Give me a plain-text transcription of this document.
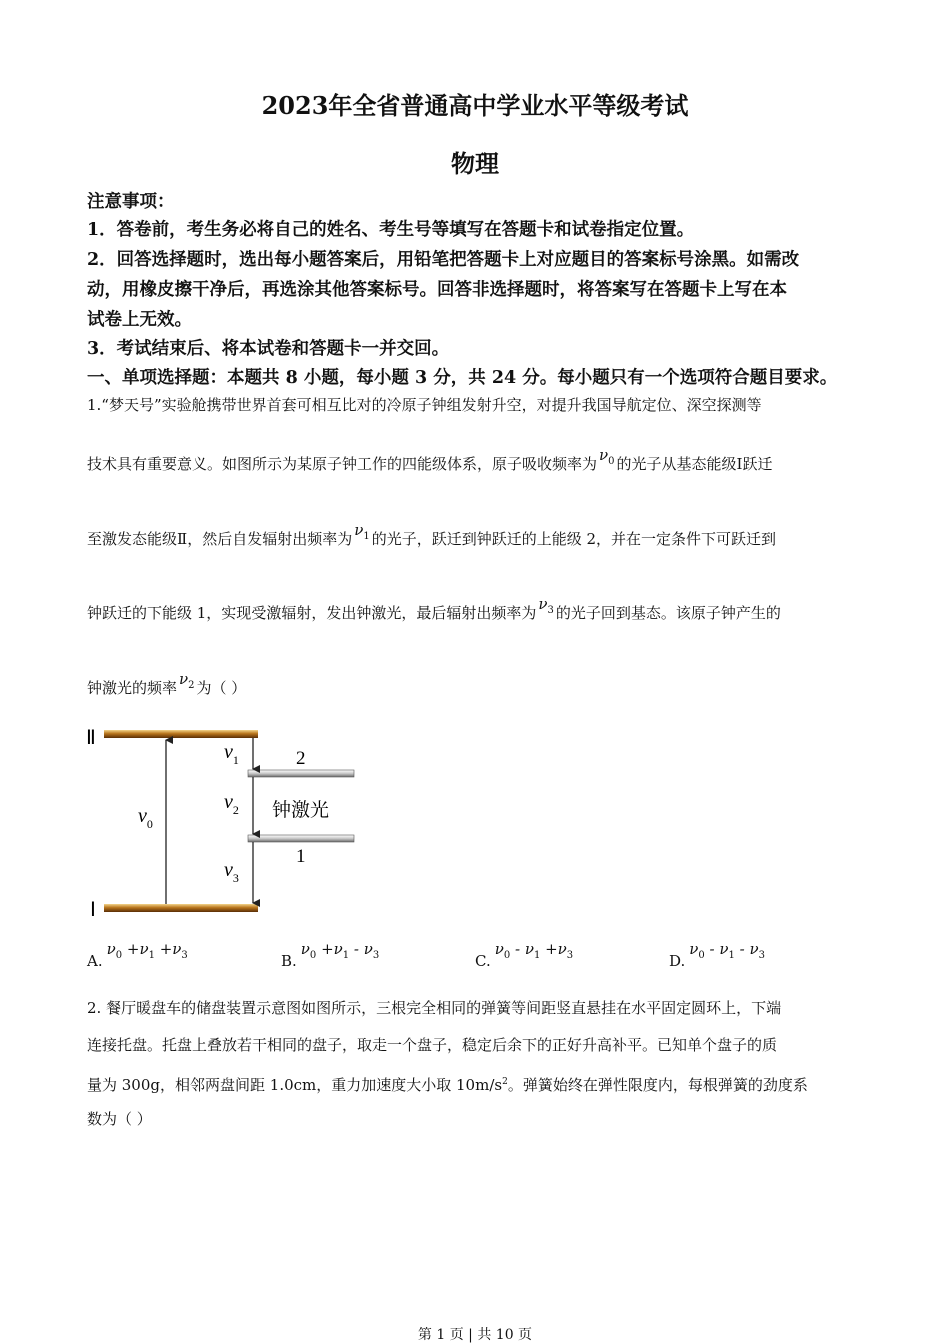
2023年全省普通高中学业水平等级考试
物理
注意事项：
1．答卷前，考生务必将自己的姓名、考生号等填写在答题卡和试卷指定位置。
2．回答选择题时，选出每小题答案后，用铅笔把答题卡上对应题目的答案标号涂黑。如需改
动，用橡皮擦干净后，再选涂其他答案标号。回答非选择题时，将答案写在答题卡上写在本
试卷上无效。
3．考试结束后、将本试卷和答题卡一并交回。
一、单项选择题：本题共 8 小题，每小题 3 分，共 24 分。每小题只有一个选项符合题目要求。
1.“梦天号”实验舱携带世界首套可相互比对的冷原子钟组发射升空，对提升我国导航定位、深空探测等
技术具有重要意义。如图所示为某原子钟工作的四能级体系，原子吸收频率为 $\nu_0$ 的光子从基态能级Ⅰ跃迁
至激发态能级Ⅱ，然后自发辐射出频率为 $\nu_1$ 的光子，跃迁到钟跃迁的上能级 2，并在一定条件下可跃迁到
钟跃迁的下能级 1，实现受激辐射，发出钟激光，最后辐射出频率为 $\nu_3$ 的光子回到基态。该原子钟产生的
钟激光的频率 $\nu_2$ 为（ ）
Ⅱ
Ⅰ
2
1
钟激光
$\nu_0$
$\nu_1$
$\nu_2$
$\nu_3$
$A.\nu_0 +\nu_1 +\nu_3$	$B.\nu_0 +\nu_1 - \nu_3$	$C.\nu_0 - \nu_1 +\nu_3$	$D.\nu_0 - \nu_1 - \nu_3$
2. 餐厅暖盘车的储盘装置示意图如图所示，三根完全相同的弹簧等间距竖直悬挂在水平固定圆环上，下端
连接托盘。托盘上叠放若干相同的盘子，取走一个盘子，稳定后余下的正好升高补平。已知单个盘子的质
量为 300g，相邻两盘间距 1.0cm，重力加速度大小取 $10m/s^2$。弹簧始终在弹性限度内，每根弹簧的劲度系
数为（ ）
第 1 页 | 共 10 页
